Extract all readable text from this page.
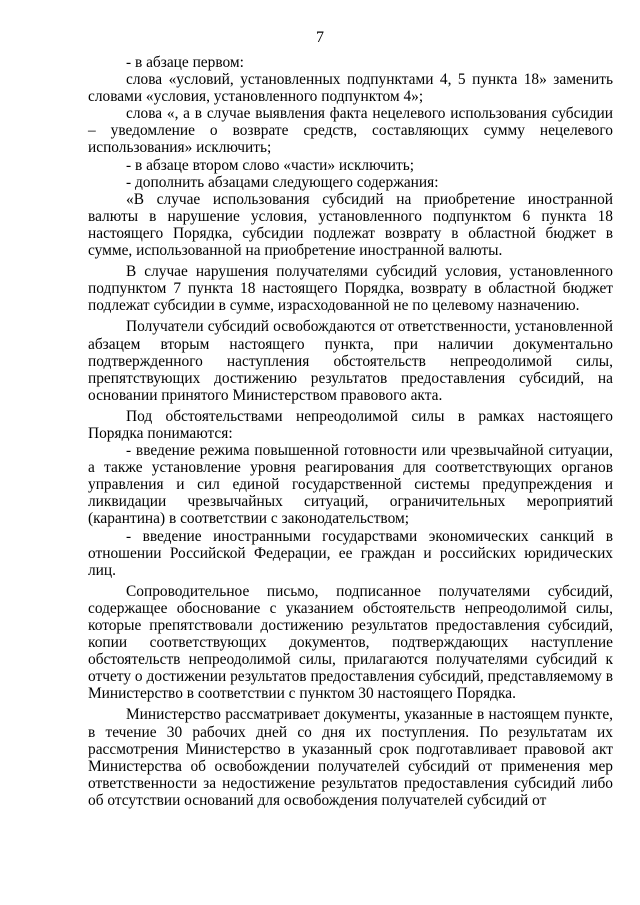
7

- в абзаце первом:

слова «условий, установленных подпунктами 4, 5 пункта 18» заменить словами «условия, установленного подпунктом 4»;

слова «, а в случае выявления факта нецелевого использования субсидии – уведомление о возврате средств, составляющих сумму нецелевого использования» исключить;

- в абзаце втором слово «части» исключить;

- дополнить абзацами следующего содержания:

«В случае использования субсидий на приобретение иностранной валюты в нарушение условия, установленного подпунктом 6 пункта 18 настоящего Порядка, субсидии подлежат возврату в областной бюджет в сумме, использованной на приобретение иностранной валюты.

В случае нарушения получателями субсидий условия, установленного подпунктом 7 пункта 18 настоящего Порядка, возврату в областной бюджет подлежат субсидии в сумме, израсходованной не по целевому назначению.

Получатели субсидий освобождаются от ответственности, установленной абзацем вторым настоящего пункта, при наличии документально подтвержденного наступления обстоятельств непреодолимой силы, препятствующих достижению результатов предоставления субсидий, на основании принятого Министерством правового акта.

Под обстоятельствами непреодолимой силы в рамках настоящего Порядка понимаются:

- введение режима повышенной готовности или чрезвычайной ситуации, а также установление уровня реагирования для соответствующих органов управления и сил единой государственной системы предупреждения и ликвидации чрезвычайных ситуаций, ограничительных мероприятий (карантина) в соответствии с законодательством;

- введение иностранными государствами экономических санкций в отношении Российской Федерации, ее граждан и российских юридических лиц.

Сопроводительное письмо, подписанное получателями субсидий, содержащее обоснование с указанием обстоятельств непреодолимой силы, которые препятствовали достижению результатов предоставления субсидий, копии соответствующих документов, подтверждающих наступление обстоятельств непреодолимой силы, прилагаются получателями субсидий к отчету о достижении результатов предоставления субсидий, представляемому в Министерство в соответствии с пунктом 30 настоящего Порядка.

Министерство рассматривает документы, указанные в настоящем пункте, в течение 30 рабочих дней со дня их поступления. По результатам их рассмотрения Министерство в указанный срок подготавливает правовой акт Министерства об освобождении получателей субсидий от применения мер ответственности за недостижение результатов предоставления субсидий либо об отсутствии оснований для освобождения получателей субсидий от
